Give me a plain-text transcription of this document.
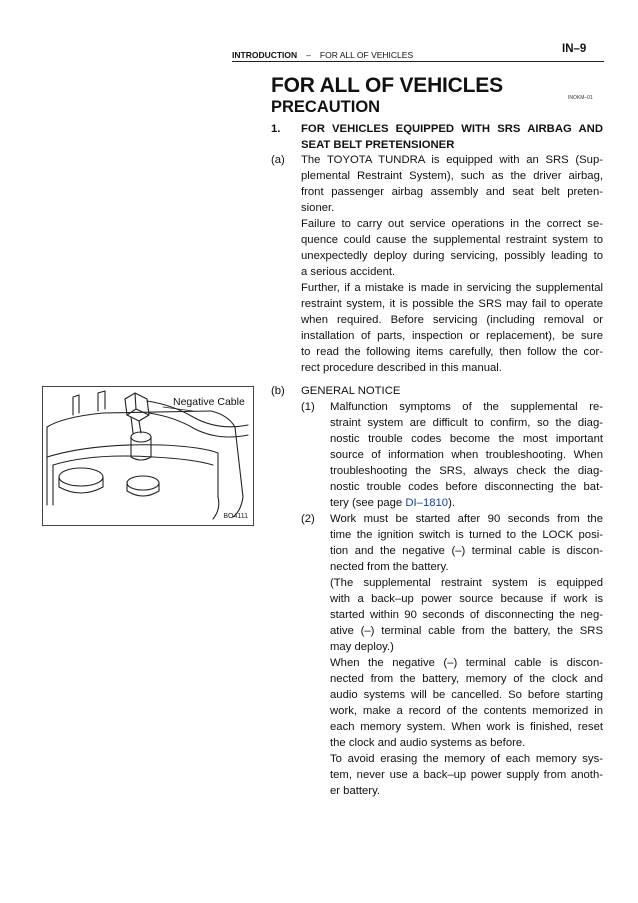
IN–9
INTRODUCTION – FOR ALL OF VEHICLES
FOR ALL OF VEHICLES
INOKM–01
PRECAUTION
1. FOR VEHICLES EQUIPPED WITH SRS AIRBAG AND
SEAT BELT PRETENSIONER
(a) The TOYOTA TUNDRA is equipped with an SRS (Sup-
plemental Restraint System), such as the driver airbag,
front passenger airbag assembly and seat belt preten-
sioner.
Failure to carry out service operations in the correct se-
quence could cause the supplemental restraint system to
unexpectedly deploy during servicing, possibly leading to
a serious accident.
Further, if a mistake is made in servicing the supplemental
restraint system, it is possible the SRS may fail to operate
when required. Before servicing (including removal or
installation of parts, inspection or replacement), be sure
to read the following items carefully, then follow the cor-
rect procedure described in this manual.
(b) GENERAL NOTICE
(1) Malfunction symptoms of the supplemental re-
straint system are difficult to confirm, so the diag-
nostic trouble codes become the most important
source of information when troubleshooting. When
troubleshooting the SRS, always check the diag-
nostic trouble codes before disconnecting the bat-
tery (see page DI–1810).
(2) Work must be started after 90 seconds from the
time the ignition switch is turned to the LOCK posi-
tion and the negative (–) terminal cable is discon-
nected from the battery.
(The supplemental restraint system is equipped
with a back–up power source because if work is
started within 90 seconds of disconnecting the neg-
ative (–) terminal cable from the battery, the SRS
may deploy.)
When the negative (–) terminal cable is discon-
nected from the battery, memory of the clock and
audio systems will be cancelled. So before starting
work, make a record of the contents memorized in
each memory system. When work is finished, reset
the clock and audio systems as before.
To avoid erasing the memory of each memory sys-
tem, never use a back–up power supply from anoth-
er battery.
Negative Cable
BO4111
